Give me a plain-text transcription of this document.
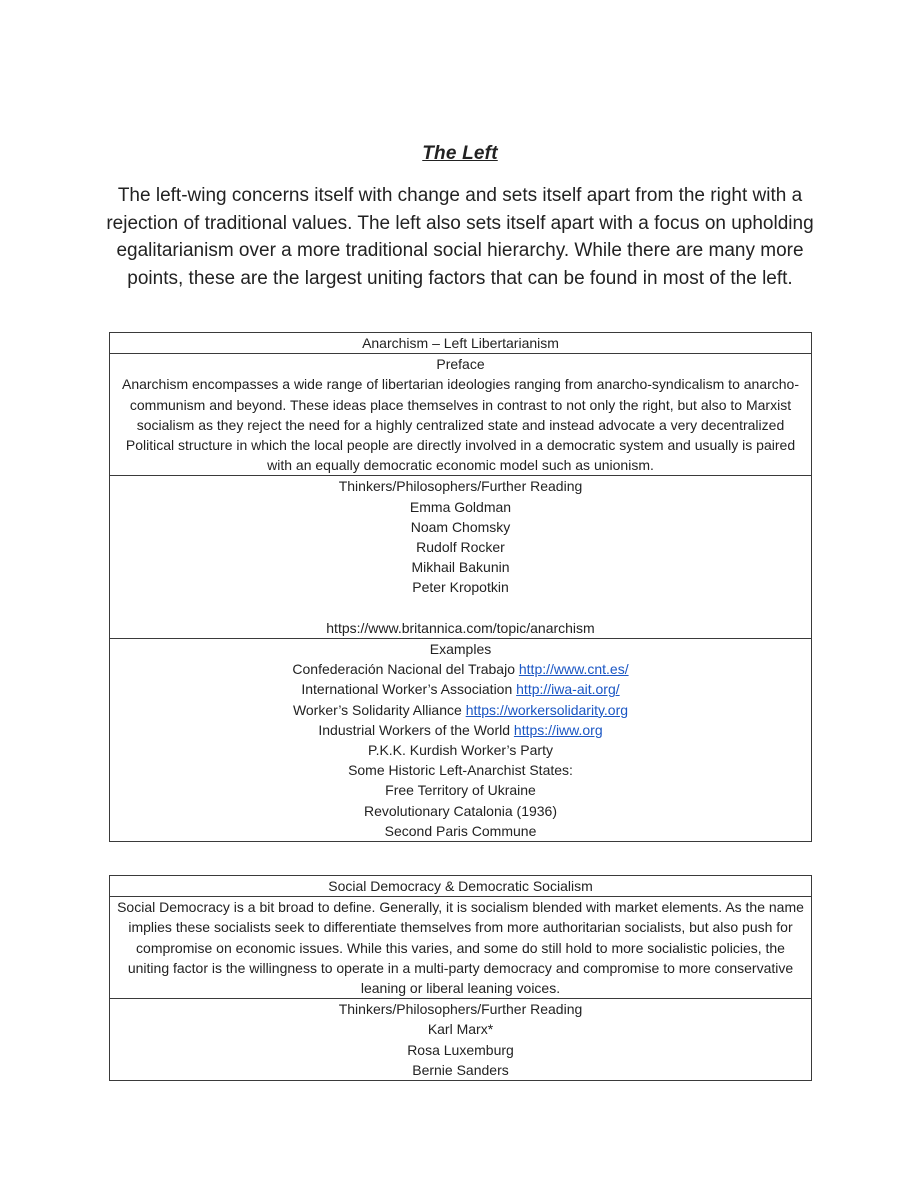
The Left
The left-wing concerns itself with change and sets itself apart from the right with a rejection of traditional values. The left also sets itself apart with a focus on upholding egalitarianism over a more traditional social hierarchy. While there are many more points, these are the largest uniting factors that can be found in most of the left.
Anarchism – Left Libertarianism

Preface
Anarchism encompasses a wide range of libertarian ideologies ranging from anarcho-syndicalism to anarcho-communism and beyond. These ideas place themselves in contrast to not only the right, but also to Marxist socialism as they reject the need for a highly centralized state and instead advocate a very decentralized Political structure in which the local people are directly involved in a democratic system and usually is paired with an equally democratic economic model such as unionism.

Thinkers/Philosophers/Further Reading
Emma Goldman
Noam Chomsky
Rudolf Rocker
Mikhail Bakunin
Peter Kropotkin
https://www.britannica.com/topic/anarchism

Examples
Confederación Nacional del Trabajo http://www.cnt.es/
International Worker’s Association http://iwa-ait.org/
Worker’s Solidarity Alliance https://workersolidarity.org
Industrial Workers of the World https://iww.org
P.K.K. Kurdish Worker’s Party
Some Historic Left-Anarchist States:
Free Territory of Ukraine
Revolutionary Catalonia (1936)
Second Paris Commune
Social Democracy & Democratic Socialism
Social Democracy is a bit broad to define. Generally, it is socialism blended with market elements. As the name implies these socialists seek to differentiate themselves from more authoritarian socialists, but also push for compromise on economic issues. While this varies, and some do still hold to more socialistic policies, the uniting factor is the willingness to operate in a multi-party democracy and compromise to more conservative leaning or liberal leaning voices.

Thinkers/Philosophers/Further Reading
Karl Marx*
Rosa Luxemburg
Bernie Sanders
